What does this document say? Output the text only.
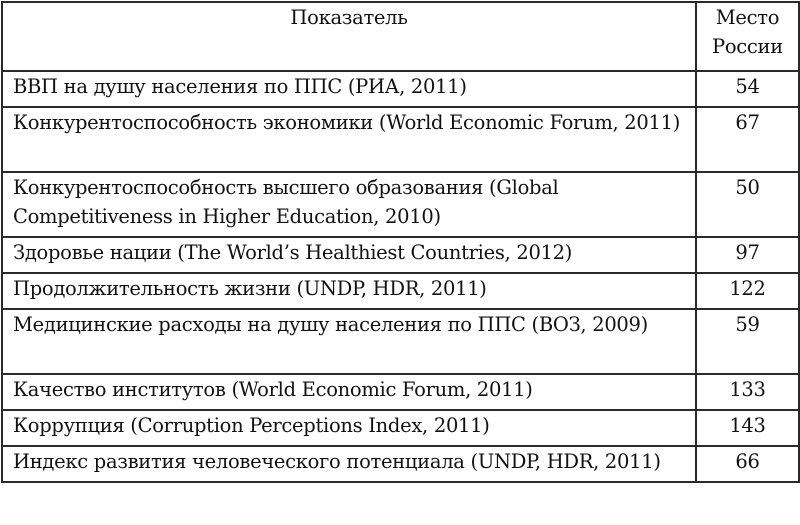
Показатель	Место России
ВВП на душу населения по ППС (РИА, 2011)	54
Конкурентоспособность экономики (World Economic Forum, 2011)	67
Конкурентоспособность высшего образования (Global Competitiveness in Higher Education, 2010)	50
Здоровье нации (The World’s Healthiest Countries, 2012)	97
Продолжительность жизни (UNDP, HDR, 2011)	122
Медицинские расходы на душу населения по ППС (ВОЗ, 2009)	59
Качество институтов (World Economic Forum, 2011)	133
Коррупция (Corruption Perceptions Index, 2011)	143
Индекс развития человеческого потенциала (UNDP, HDR, 2011)	66
